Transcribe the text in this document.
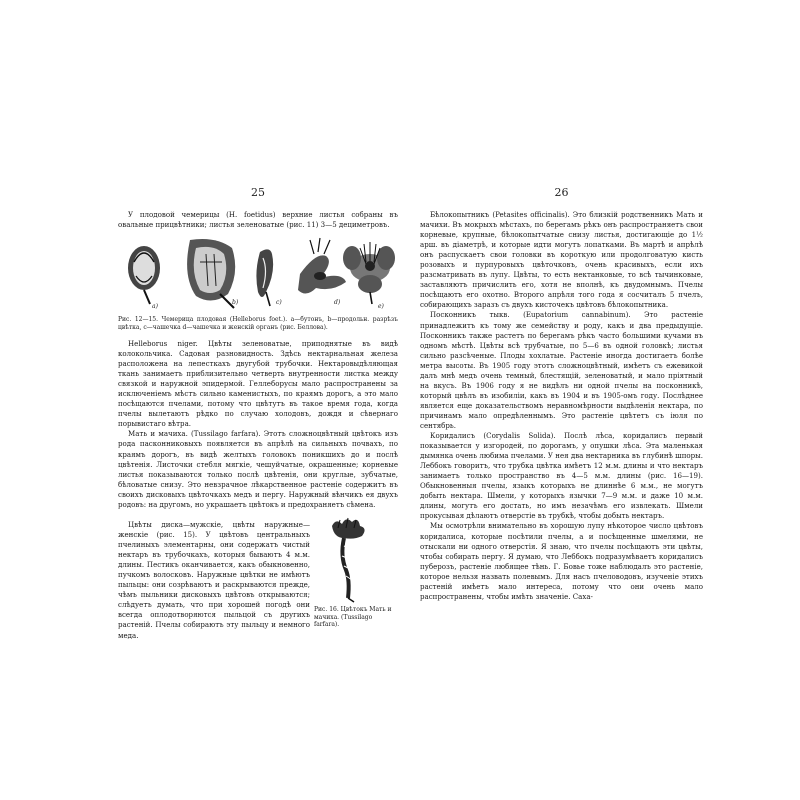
25

У плодовой чемерицы (H. foetidus) верхние листья собраны въ овальные прицвѣтники; листья зеленоватые (рис. 11) 3—5 дециметровъ.

a)
b)	c)	d)
e)
Рис. 12—15. Чемерица плодовая (Helleborus foet.). a—бутонъ, b—продольн. разрѣзъ цвѣтка, c—чашечка d—чашечка и женскій органъ (рис. Беллова).

Helleborus niger. Цвѣты зеленоватые, приподнятые въ видѣ колокольчика. Садовая разновидность. Здѣсь нектарнальная железа расположена на лепесткахъ двугубой трубочки. Нектаровыдѣляющая ткань занимаетъ приблизительно четверть внутренности листка между связкой и наружной эпидермой. Геллеборусы мало распространены за исключеніемъ мѣстъ сильно каменистыхъ, по краямъ дорогъ, а это мало посѣщаются пчелами, потому что цвѣтутъ въ такое время года, когда пчелы вылетаютъ рѣдко по случаю холодовъ, дождя и сѣвернаго порывистаго вѣтра.

Мать и мачиха. (Tussilago farfara). Этотъ сложноцвѣтный цвѣтокъ изъ рода пасконниковыхъ появляется въ апрѣлѣ на сильныхъ почвахъ, по краямъ дорогъ, въ видѣ желтыхъ головокъ поникшихъ до и послѣ цвѣтенія. Листочки стебля мягкіе, чешуйчатые, окрашенные; корневые листья показываются только послѣ цвѣтенія, они круглые, зубчатые, бѣловатые снизу. Это невзрачное лѣкарственное растеніе содержитъ въ своихъ дисковыхъ цвѣточкахъ медъ и пергу. Наружный вѣнчикъ ея двухъ родовъ: на другомъ, но украшаетъ цвѣтокъ и предохраняетъ сѣмена.

Цвѣты диска—мужскіе, цвѣты наружные—женскіе (рис. 15). У цвѣтовъ центральныхъ пчелиныхъ элементарны, они содержатъ чистый нектаръ въ трубочкахъ, которыя бываютъ 4 м.м. длины. Пестикъ оканчивается, какъ обыкновенно, пучкомъ волосковъ. Наружные цвѣтки не имѣютъ пыльцы: они созрѣваютъ и раскрываются прежде, чѣмъ пыльники дисковыхъ цвѣтовъ открываются; слѣдуетъ думать, что при хорошей погодѣ они всегда оплодотворяются пыльцой съ другихъ растеній. Пчелы собираютъ эту пыльцу и немного меда.

Рис. 16. Цвѣтокъ Мать и мачиха. (Tussilago farfara).
26

Бѣлокопытникъ (Petasites officinalis). Это близкій родственникъ Мать и мачихи. Въ мокрыхъ мѣстахъ, по берегамъ рѣкъ онъ распространяетъ свои корневые, крупные, бѣлокопытчатые снизу листья, достигающіе до 1½ арш. въ діаметрѣ, и которые идти могутъ лопатками. Въ мартѣ и апрѣлѣ онъ распускаетъ свои головки въ короткую или продолговатую кисть розовыхъ и пурпуровыхъ цвѣточковъ, очень красивыхъ, если ихъ разсматривать въ лупу. Цвѣты, то есть нектанковые, то всѣ тычинковые, заставляютъ причислить его, хотя не вполнѣ, къ двудомнымъ. Пчелы посѣщаютъ его охотно. Второго апрѣля того года я сосчиталъ 5 пчелъ, собирающихъ заразъ съ двухъ кисточекъ цвѣтовъ бѣлокопытника.

Посконникъ тыкв. (Eupatorium cannabinum). Это растеніе принадлежитъ къ тому же семейству и роду, какъ и два предыдущіе. Посконникъ также растетъ по берегамъ рѣкъ часто большими кучами въ одномъ мѣстѣ. Цвѣты всѣ трубчатые, по 5—6 въ одной головкѣ; листья сильно разсѣченые. Плоды хохлатые. Растеніе иногда достигаетъ болѣе метра высоты. Въ 1905 году этотъ сложноцвѣтный, имѣетъ съ ежевикой далъ мнѣ медъ очень темный, блестящій, зеленоватый, и мало пріятный на вкусъ. Въ 1906 году я не видѣлъ ни одной пчелы на посконникѣ, который цвѣлъ въ изобиліи, какъ въ 1904 и въ 1905-омъ году. Послѣднее является еще доказательствомъ неравномѣрности выдѣленія нектара, по причинамъ мало опредѣленнымъ. Это растеніе цвѣтетъ съ іюля по сентябрь.

Коридалисъ (Corydalis Solida). Послѣ лѣса, коридалисъ первый показывается у изгородей, по дорогамъ, у опушки лѣса. Эта маленькая дымянка очень любима пчелами. У нея два нектарника въ глубинѣ шпоры. Леббокъ говоритъ, что трубка цвѣтка имѣетъ 12 м.м. длины и что нектаръ занимаетъ только пространство въ 4—5 м.м. длины (рис. 16—19). Обыкновенныя пчелы, языкъ которыхъ не длиннѣе 6 м.м., не могутъ добыть нектара. Шмели, у которыхъ язычки 7—9 м.м. и даже 10 м.м. длины, могутъ его достать, но имъ незачѣмъ его извлекать. Шмели прокусывая дѣлаютъ отверстіе въ трубкѣ, чтобы добыть нектаръ.

Мы осмотрѣли внимательно въ хорошую лупу нѣкоторое число цвѣтовъ коридалиса, которые посѣтили пчелы, а и посѣщенные шмелями, не отыскали ни одного отверстія. Я знаю, что пчелы посѣщаютъ эти цвѣты, чтобы собирать пергу. Я думаю, что Леббокъ подразумѣваетъ коридалисъ пуберозъ, растеніе любящее тѣнь. Г. Бовье тоже наблюдалъ это растеніе, которое нельзя назвать полевымъ. Для насъ пчеловодовъ, изученіе этихъ растеній имѣетъ мало интереса, потому что они очень мало распространены, чтобы имѣть значеніе. Саха-
